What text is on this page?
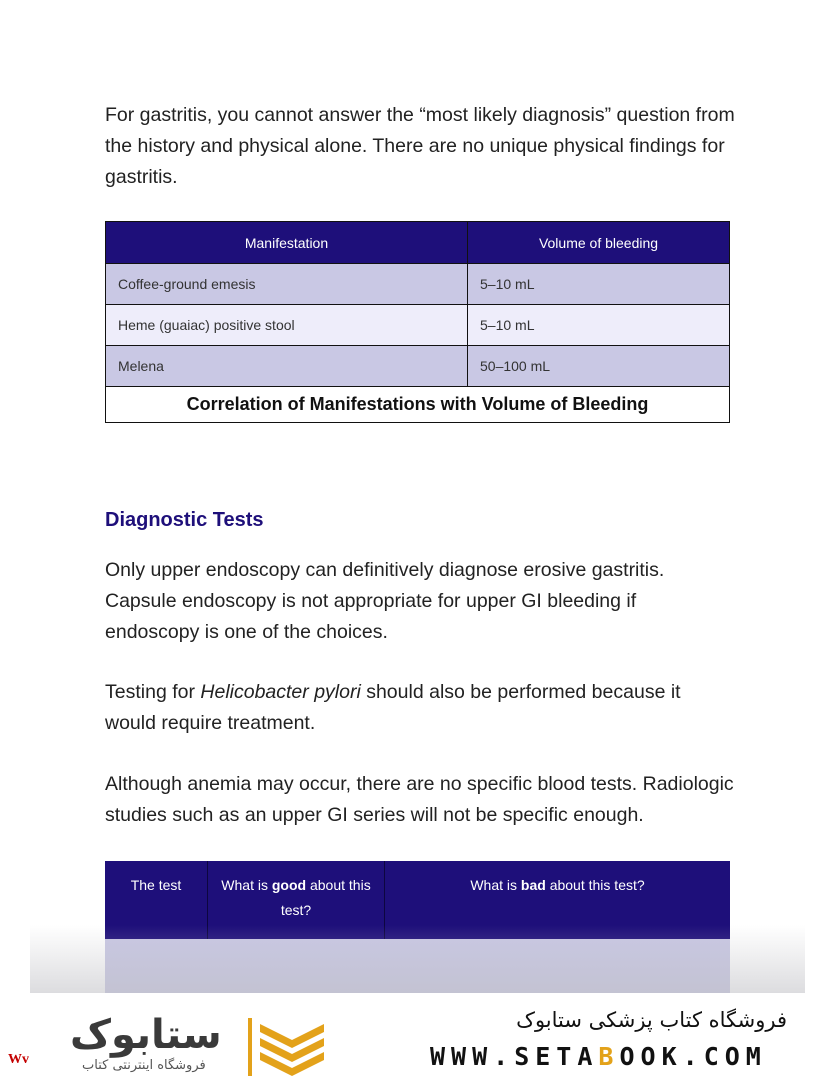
For gastritis, you cannot answer the “most likely diagnosis” question from the history and physical alone. There are no unique physical findings for gastritis.

Manifestation	Volume of bleeding
Coffee-ground emesis	5–10 mL
Heme (guaiac) positive stool	5–10 mL
Melena	50–100 mL
Correlation of Manifestations with Volume of Bleeding	
Diagnostic Tests

Only upper endoscopy can definitively diagnose erosive gastritis. Capsule endoscopy is not appropriate for upper GI bleeding if endoscopy is one of the choices.

Testing for Helicobacter pylori should also be performed because it would require treatment.

Although anemia may occur, there are no specific blood tests. Radiologic studies such as an upper GI series will not be specific enough.

The test	What is good about this test?	What is bad about this test?

Wv
ستابوک
فروشگاه اینترنتی کتاب
فروشگاه کتاب پزشکی ستابوک
WWW.SETABOOK.COM
